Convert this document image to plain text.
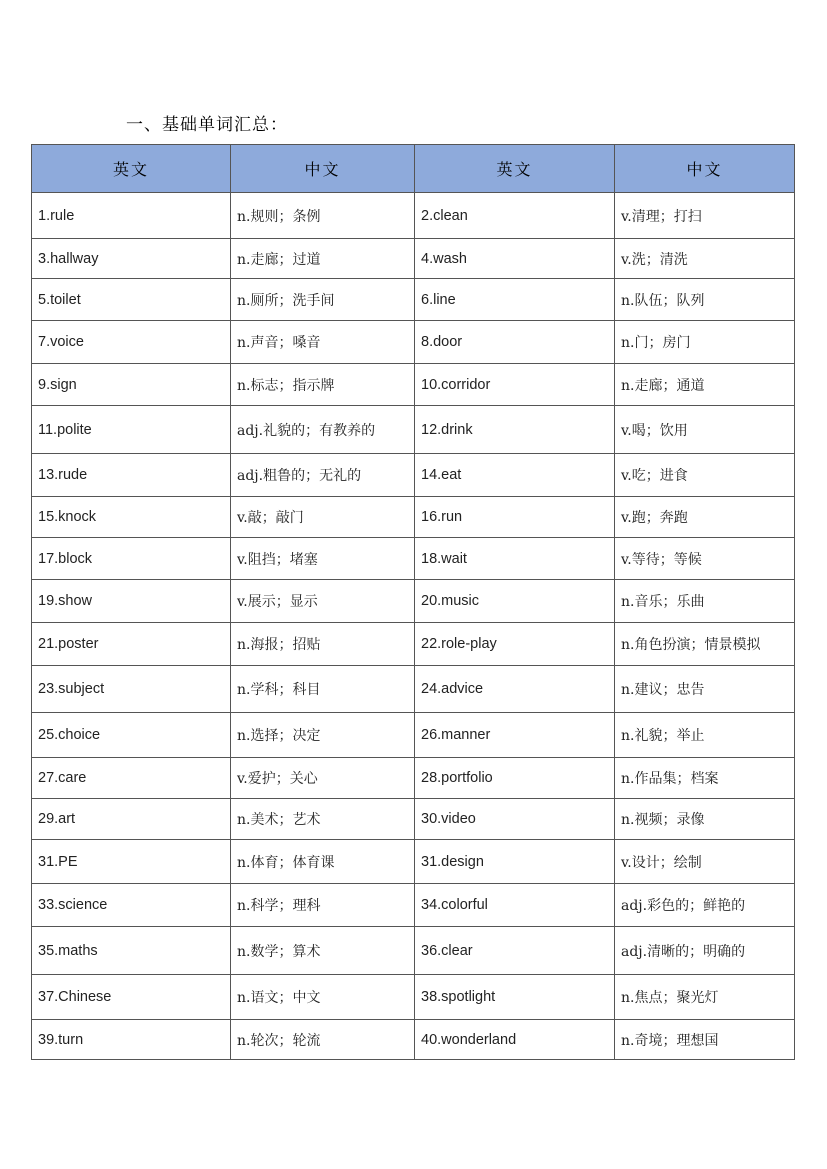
一、基础单词汇总：
英文	中文	英文	中文
1.rule	n.规则；条例	2.clean	v.清理；打扫
3.hallway	n.走廊；过道	4.wash	v.洗；清洗
5.toilet	n.厕所；洗手间	6.line	n.队伍；队列
7.voice	n.声音；嗓音	8.door	n.门；房门
9.sign	n.标志；指示牌	10.corridor	n.走廊；通道
11.polite	adj.礼貌的；有教养的	12.drink	v.喝；饮用
13.rude	adj.粗鲁的；无礼的	14.eat	v.吃；进食
15.knock	v.敲；敲门	16.run	v.跑；奔跑
17.block	v.阻挡；堵塞	18.wait	v.等待；等候
19.show	v.展示；显示	20.music	n.音乐；乐曲
21.poster	n.海报；招贴	22.role-play	n.角色扮演；情景模拟
23.subject	n.学科；科目	24.advice	n.建议；忠告
25.choice	n.选择；决定	26.manner	n.礼貌；举止
27.care	v.爱护；关心	28.portfolio	n.作品集；档案
29.art	n.美术；艺术	30.video	n.视频；录像
31.PE	n.体育；体育课	31.design	v.设计；绘制
33.science	n.科学；理科	34.colorful	adj.彩色的；鲜艳的
35.maths	n.数学；算术	36.clear	adj.清晰的；明确的
37.Chinese	n.语文；中文	38.spotlight	n.焦点；聚光灯
39.turn	n.轮次；轮流	40.wonderland	n.奇境；理想国
